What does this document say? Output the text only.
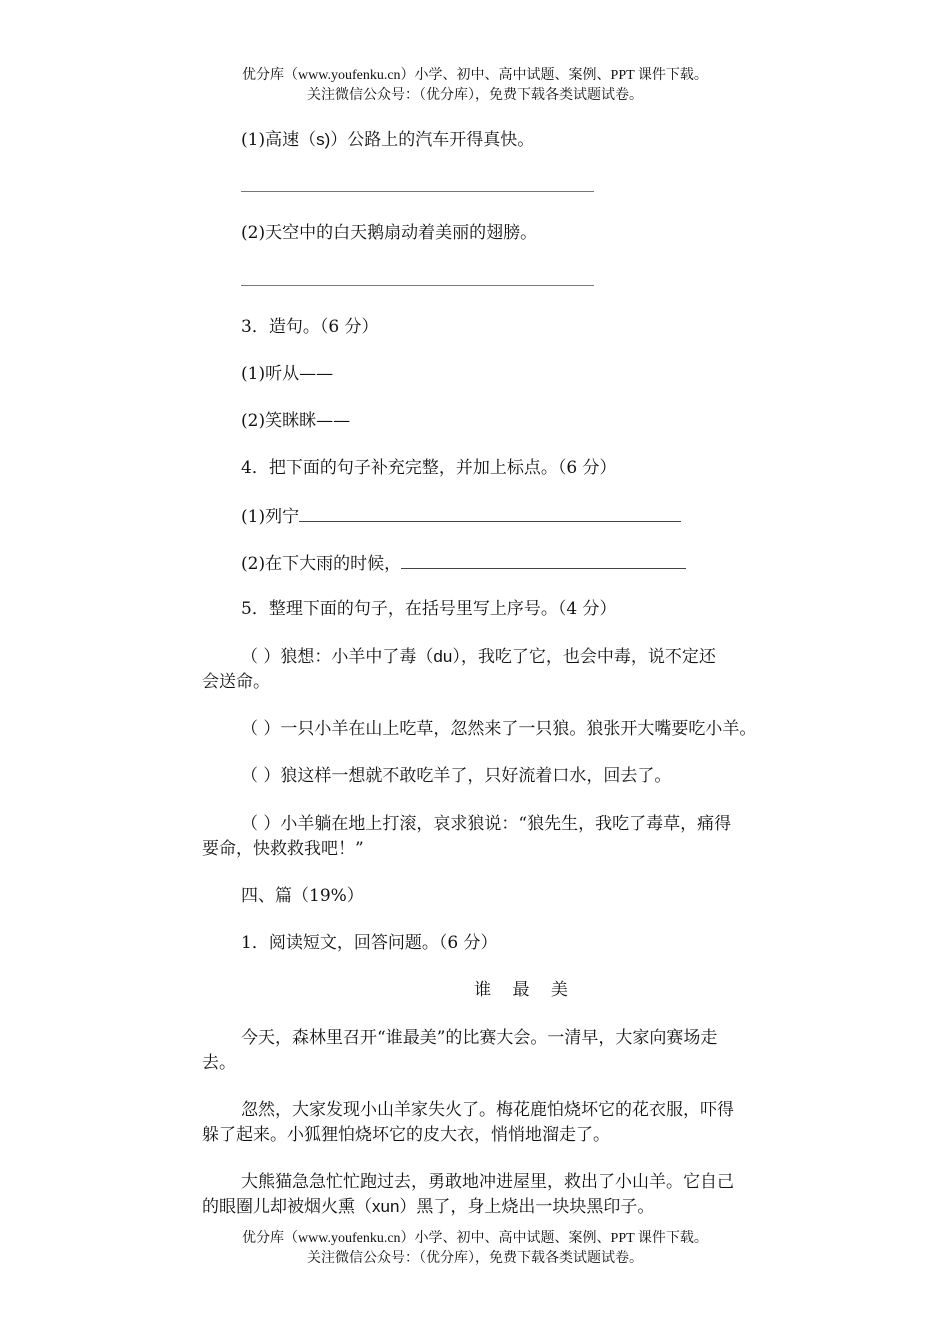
优分库（www.youfenku.cn）小学、初中、高中试题、案例、PPT 课件下载。
关注微信公众号：（优分库），免费下载各类试题试卷。
(1)高速（s)）公路上的汽车开得真快。
(2)天空中的白天鹅扇动着美丽的翅膀。
3．造句。（6 分）
(1)听从——
(2)笑眯眯——
4．把下面的句子补充完整，并加上标点。（6 分）
(1)列宁
(2)在下大雨的时候，
5．整理下面的句子，在括号里写上序号。（4 分）
（ ）狼想：小羊中了毒（du），我吃了它，也会中毒，说不定还
会送命。
（ ）一只小羊在山上吃草，忽然来了一只狼。狼张开大嘴要吃小羊。
（ ）狼这样一想就不敢吃羊了，只好流着口水，回去了。
（ ）小羊躺在地上打滚，哀求狼说：“狼先生，我吃了毒草，痛得
要命，快救救我吧！”
四、篇（19%）
1．阅读短文，回答问题。（6 分）
谁 最 美
今天，森林里召开“谁最美”的比赛大会。一清早，大家向赛场走
去。
忽然，大家发现小山羊家失火了。梅花鹿怕烧坏它的花衣服，吓得
躲了起来。小狐狸怕烧坏它的皮大衣，悄悄地溜走了。
大熊猫急急忙忙跑过去，勇敢地冲进屋里，救出了小山羊。它自己
的眼圈儿却被烟火熏（xun）黑了，身上烧出一块块黑印子。
优分库（www.youfenku.cn）小学、初中、高中试题、案例、PPT 课件下载。
关注微信公众号：（优分库），免费下载各类试题试卷。
